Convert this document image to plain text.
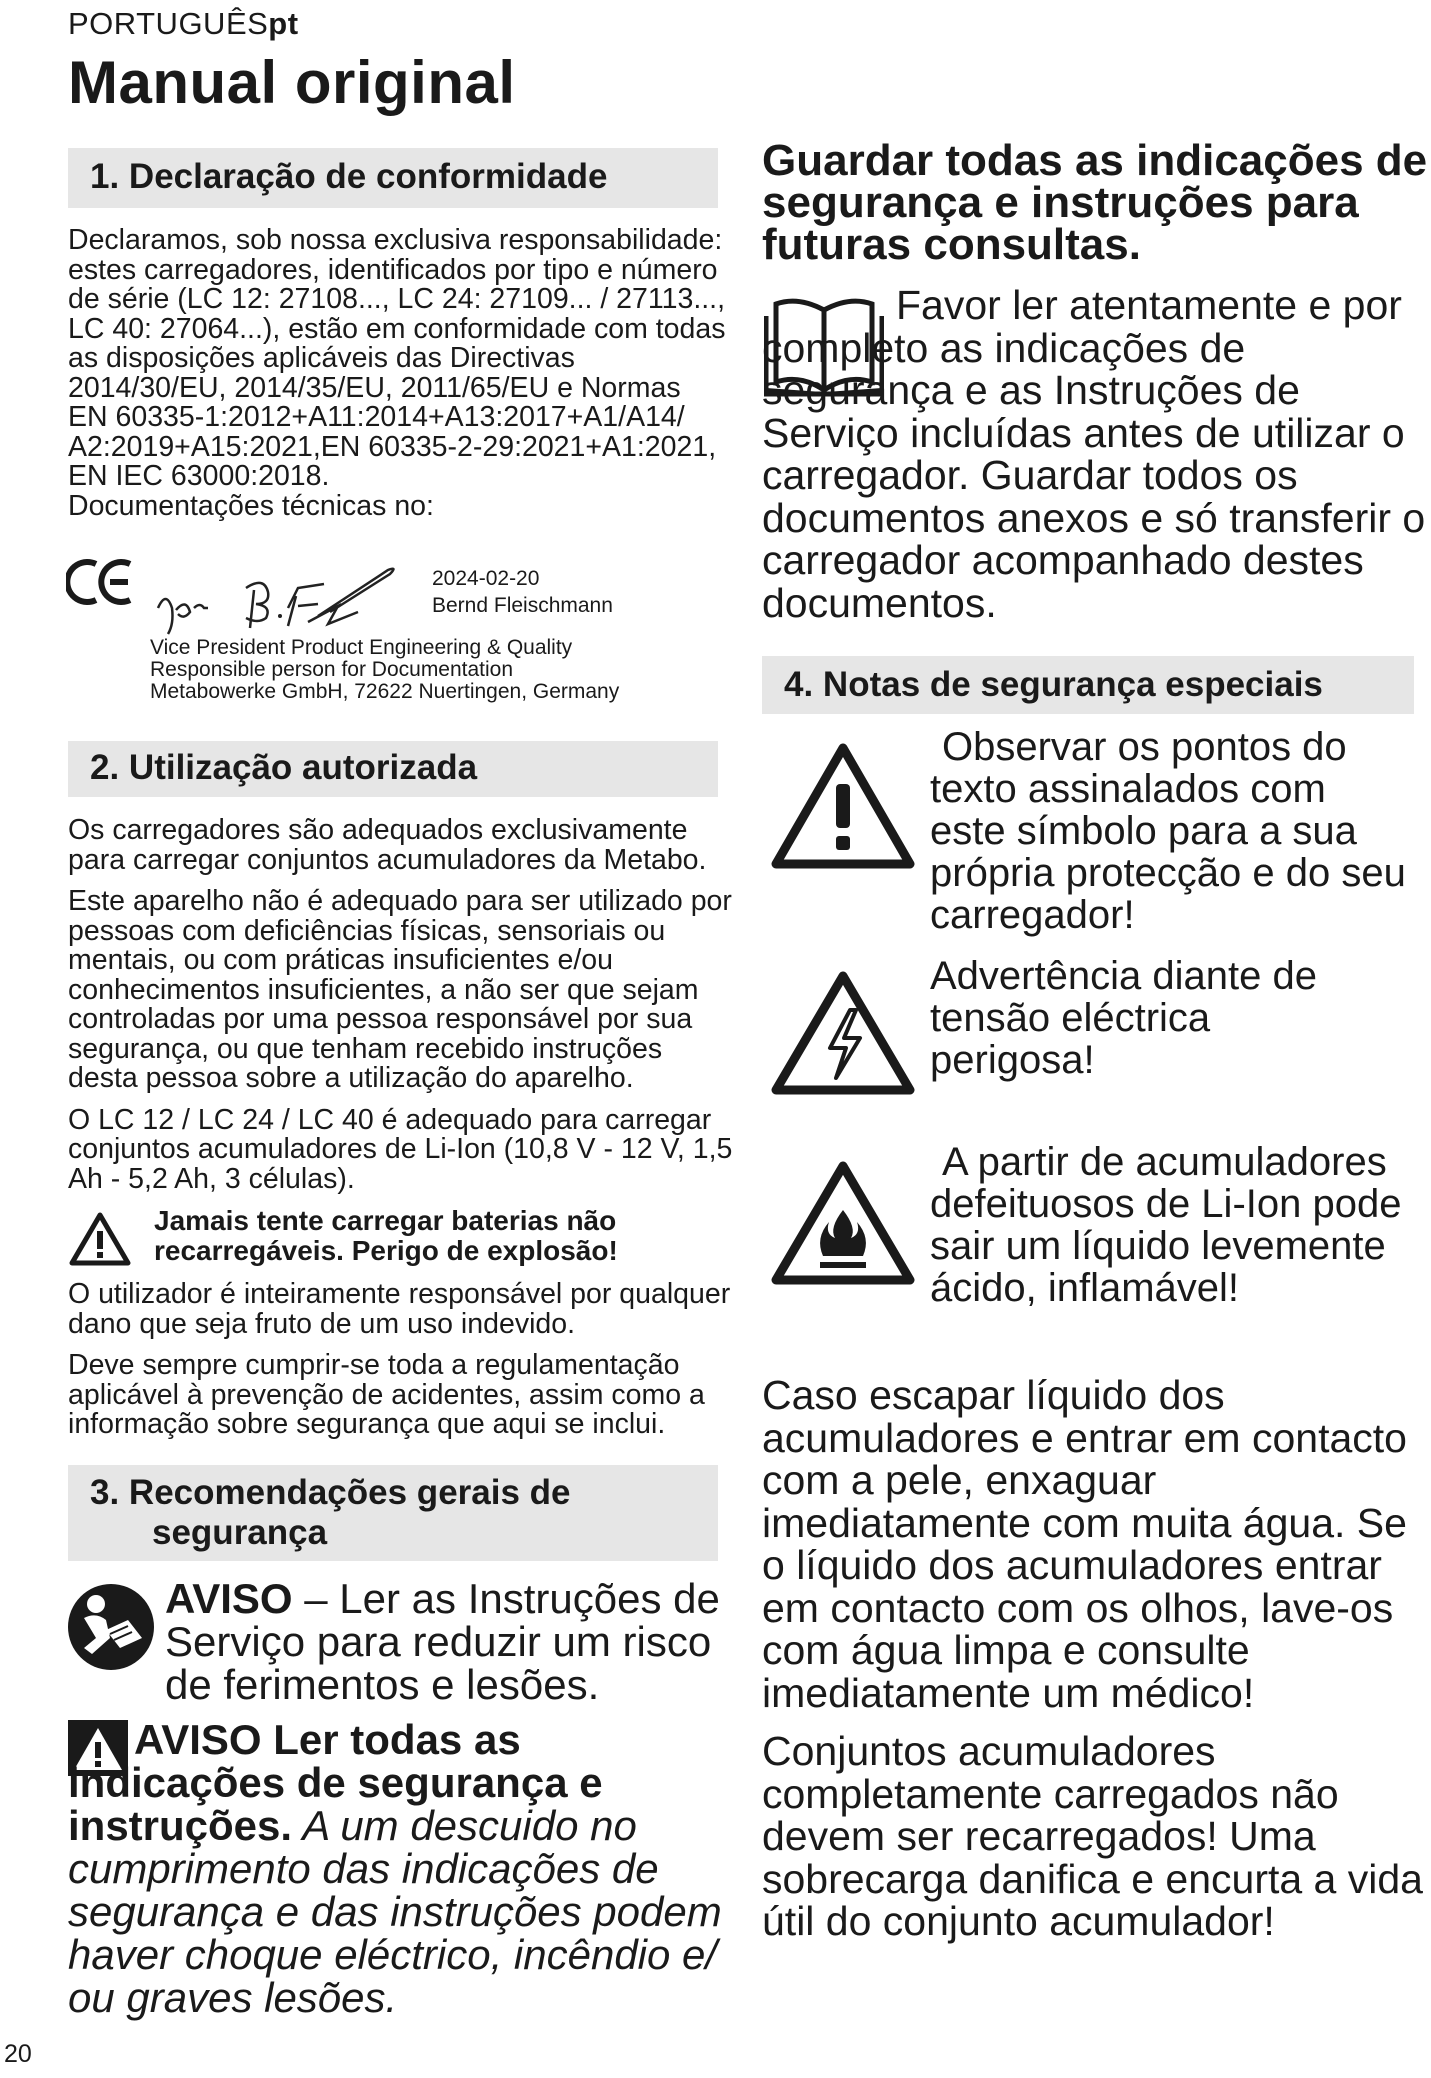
PORTUGUÊSpt
Manual original
1. Declaração de conformidade
Declaramos, sob nossa exclusiva responsabilidade: estes carregadores, identificados por tipo e número de série (LC 12: 27108..., LC 24: 27109... / 27113..., LC 40: 27064...), estão em conformidade com todas as disposições aplicáveis das Directivas 2014/30/EU, 2014/35/EU, 2011/65/EU e Normas EN 60335-1:2012+A11:2014+A13:2017+A1/A14/ A2:2019+A15:2021,EN 60335-2-29:2021+A1:2021, EN IEC 63000:2018.
Documentações técnicas no:
2024-02-20
Bernd Fleischmann
Vice President Product Engineering & Quality
Responsible person for Documentation
Metabowerke GmbH, 72622 Nuertingen, Germany
2. Utilização autorizada

Os carregadores são adequados exclusivamente para carregar conjuntos acumuladores da Metabo.

Este aparelho não é adequado para ser utilizado por pessoas com deficiências físicas, sensoriais ou mentais, ou com práticas insuficientes e/ou conhecimentos insuficientes, a não ser que sejam controladas por uma pessoa responsável por sua segurança, ou que tenham recebido instruções desta pessoa sobre a utilização do aparelho.

O LC 12 / LC 24 / LC 40 é adequado para carregar conjuntos acumuladores de Li-Ion (10,8 V - 12 V, 1,5 Ah - 5,2 Ah, 3 células).

Jamais tente carregar baterias não
recarregáveis. Perigo de explosão!

O utilizador é inteiramente responsável por qualquer dano que seja fruto de um uso indevido.

Deve sempre cumprir-se toda a regulamentação aplicável à prevenção de acidentes, assim como a informação sobre segurança que aqui se inclui.

3. Recomendações gerais de
segurança
AVISO – Ler as Instruções de Serviço para reduzir um risco de ferimentos e lesões.
AVISO Ler todas as indicações de segurança e instruções. A um descuido no cumprimento das indicações de segurança e das instruções podem haver choque eléctrico, incêndio e/ ou graves lesões.
Guardar todas as indicações de segurança e instruções para futuras consultas.
Favor ler atentamente e por completo as indicações de segurança e as Instruções de Serviço incluídas antes de utilizar o carregador. Guardar todos os documentos anexos e só transferir o carregador acompanhado destes documentos.
4. Notas de segurança especiais
Observar os pontos do texto assinalados com este símbolo para a sua própria protecção e do seu carregador!
Advertência diante de tensão eléctrica perigosa!
A partir de acumuladores defeituosos de Li-Ion pode sair um líquido levemente ácido, inflamável!
Caso escapar líquido dos acumuladores e entrar em contacto com a pele, enxaguar imediatamente com muita água. Se o líquido dos acumuladores entrar em contacto com os olhos, lave-os com água limpa e consulte imediatamente um médico!
Conjuntos acumuladores completamente carregados não devem ser recarregados! Uma sobrecarga danifica e encurta a vida útil do conjunto acumulador!
20
